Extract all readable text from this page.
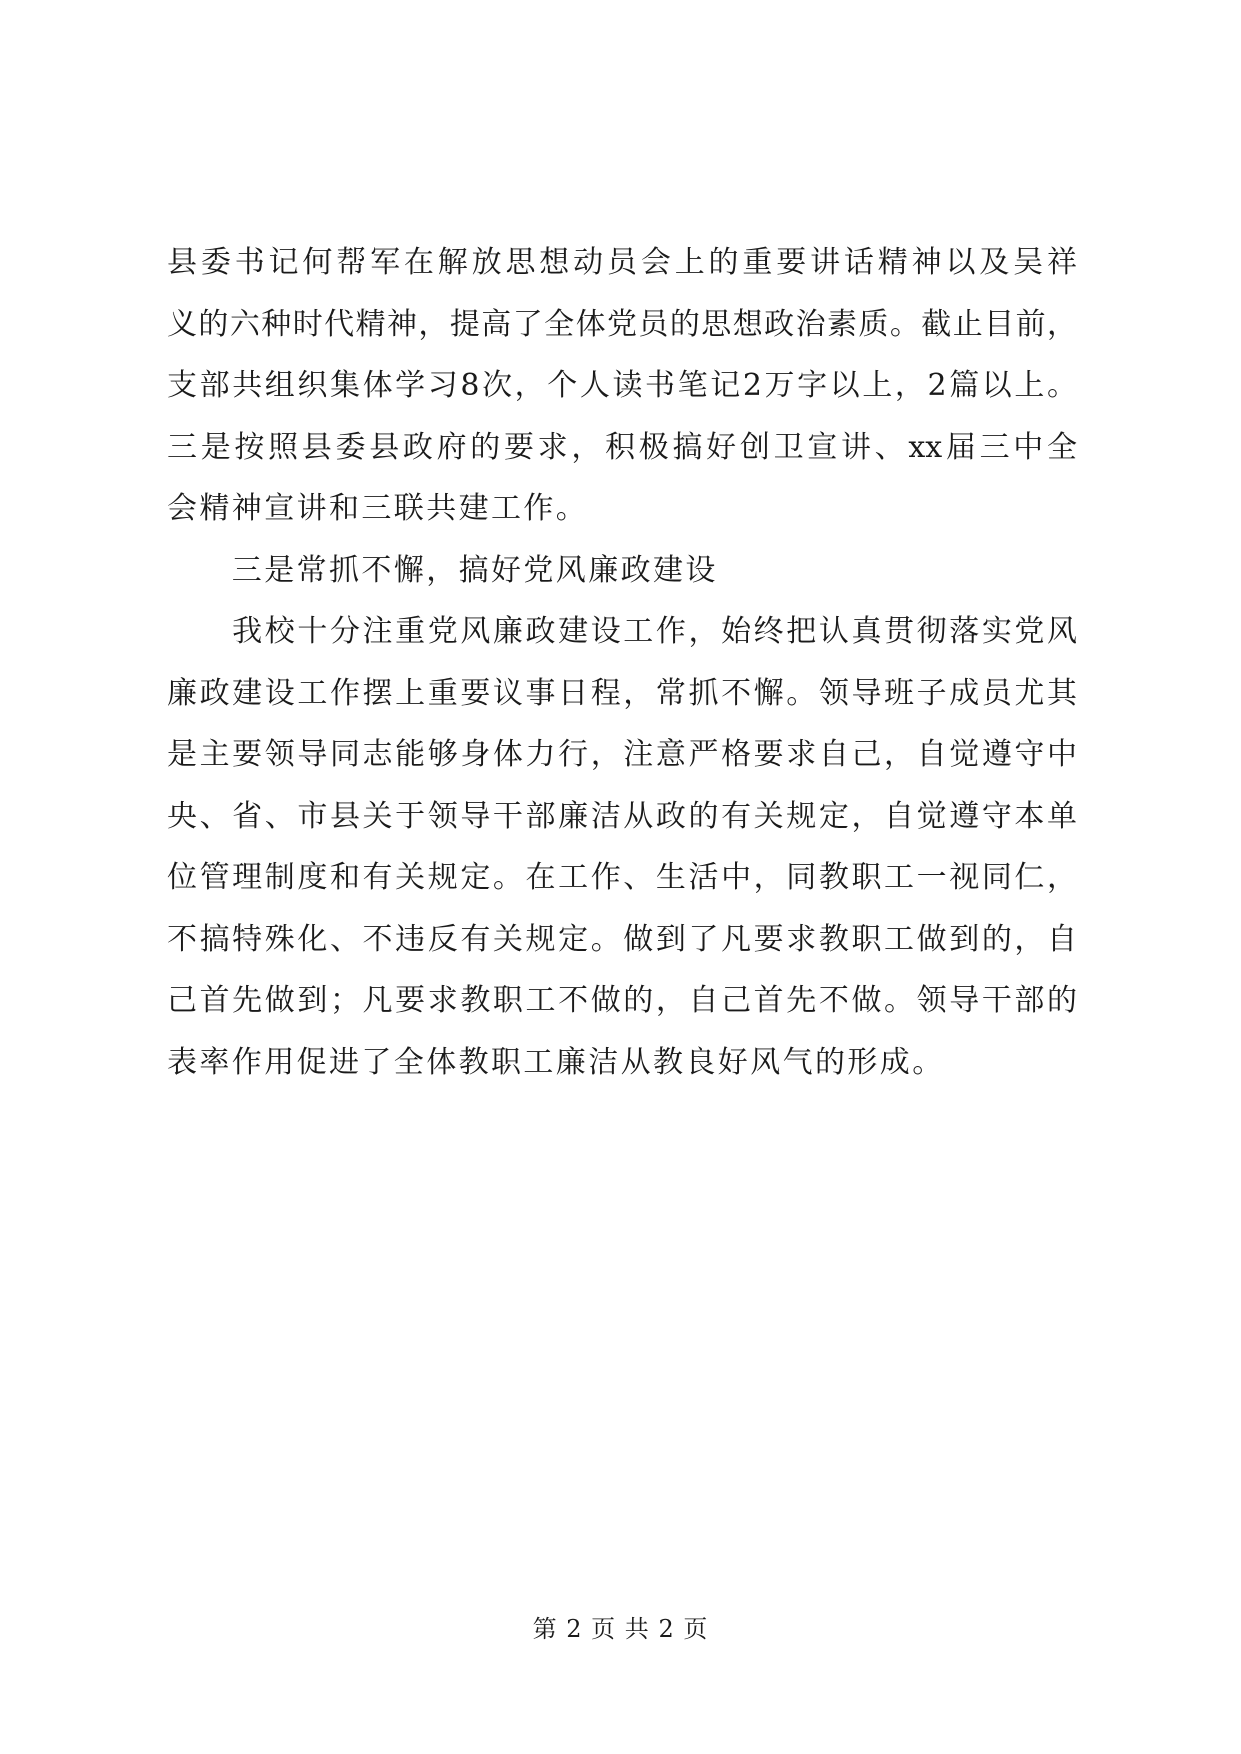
县委书记何帮军在解放思想动员会上的重要讲话精神以及吴祥
义的六种时代精神，提高了全体党员的思想政治素质。截止目前，
支部共组织集体学习8次，个人读书笔记2万字以上，2篇以上。
三是按照县委县政府的要求，积极搞好创卫宣讲、xx届三中全
会精神宣讲和三联共建工作。
　　三是常抓不懈，搞好党风廉政建设
　　我校十分注重党风廉政建设工作，始终把认真贯彻落实党风
廉政建设工作摆上重要议事日程，常抓不懈。领导班子成员尤其
是主要领导同志能够身体力行，注意严格要求自己，自觉遵守中
央、省、市县关于领导干部廉洁从政的有关规定，自觉遵守本单
位管理制度和有关规定。在工作、生活中，同教职工一视同仁，
不搞特殊化、不违反有关规定。做到了凡要求教职工做到的，自
己首先做到；凡要求教职工不做的，自己首先不做。领导干部的
表率作用促进了全体教职工廉洁从教良好风气的形成。
第 2 页 共 2 页
